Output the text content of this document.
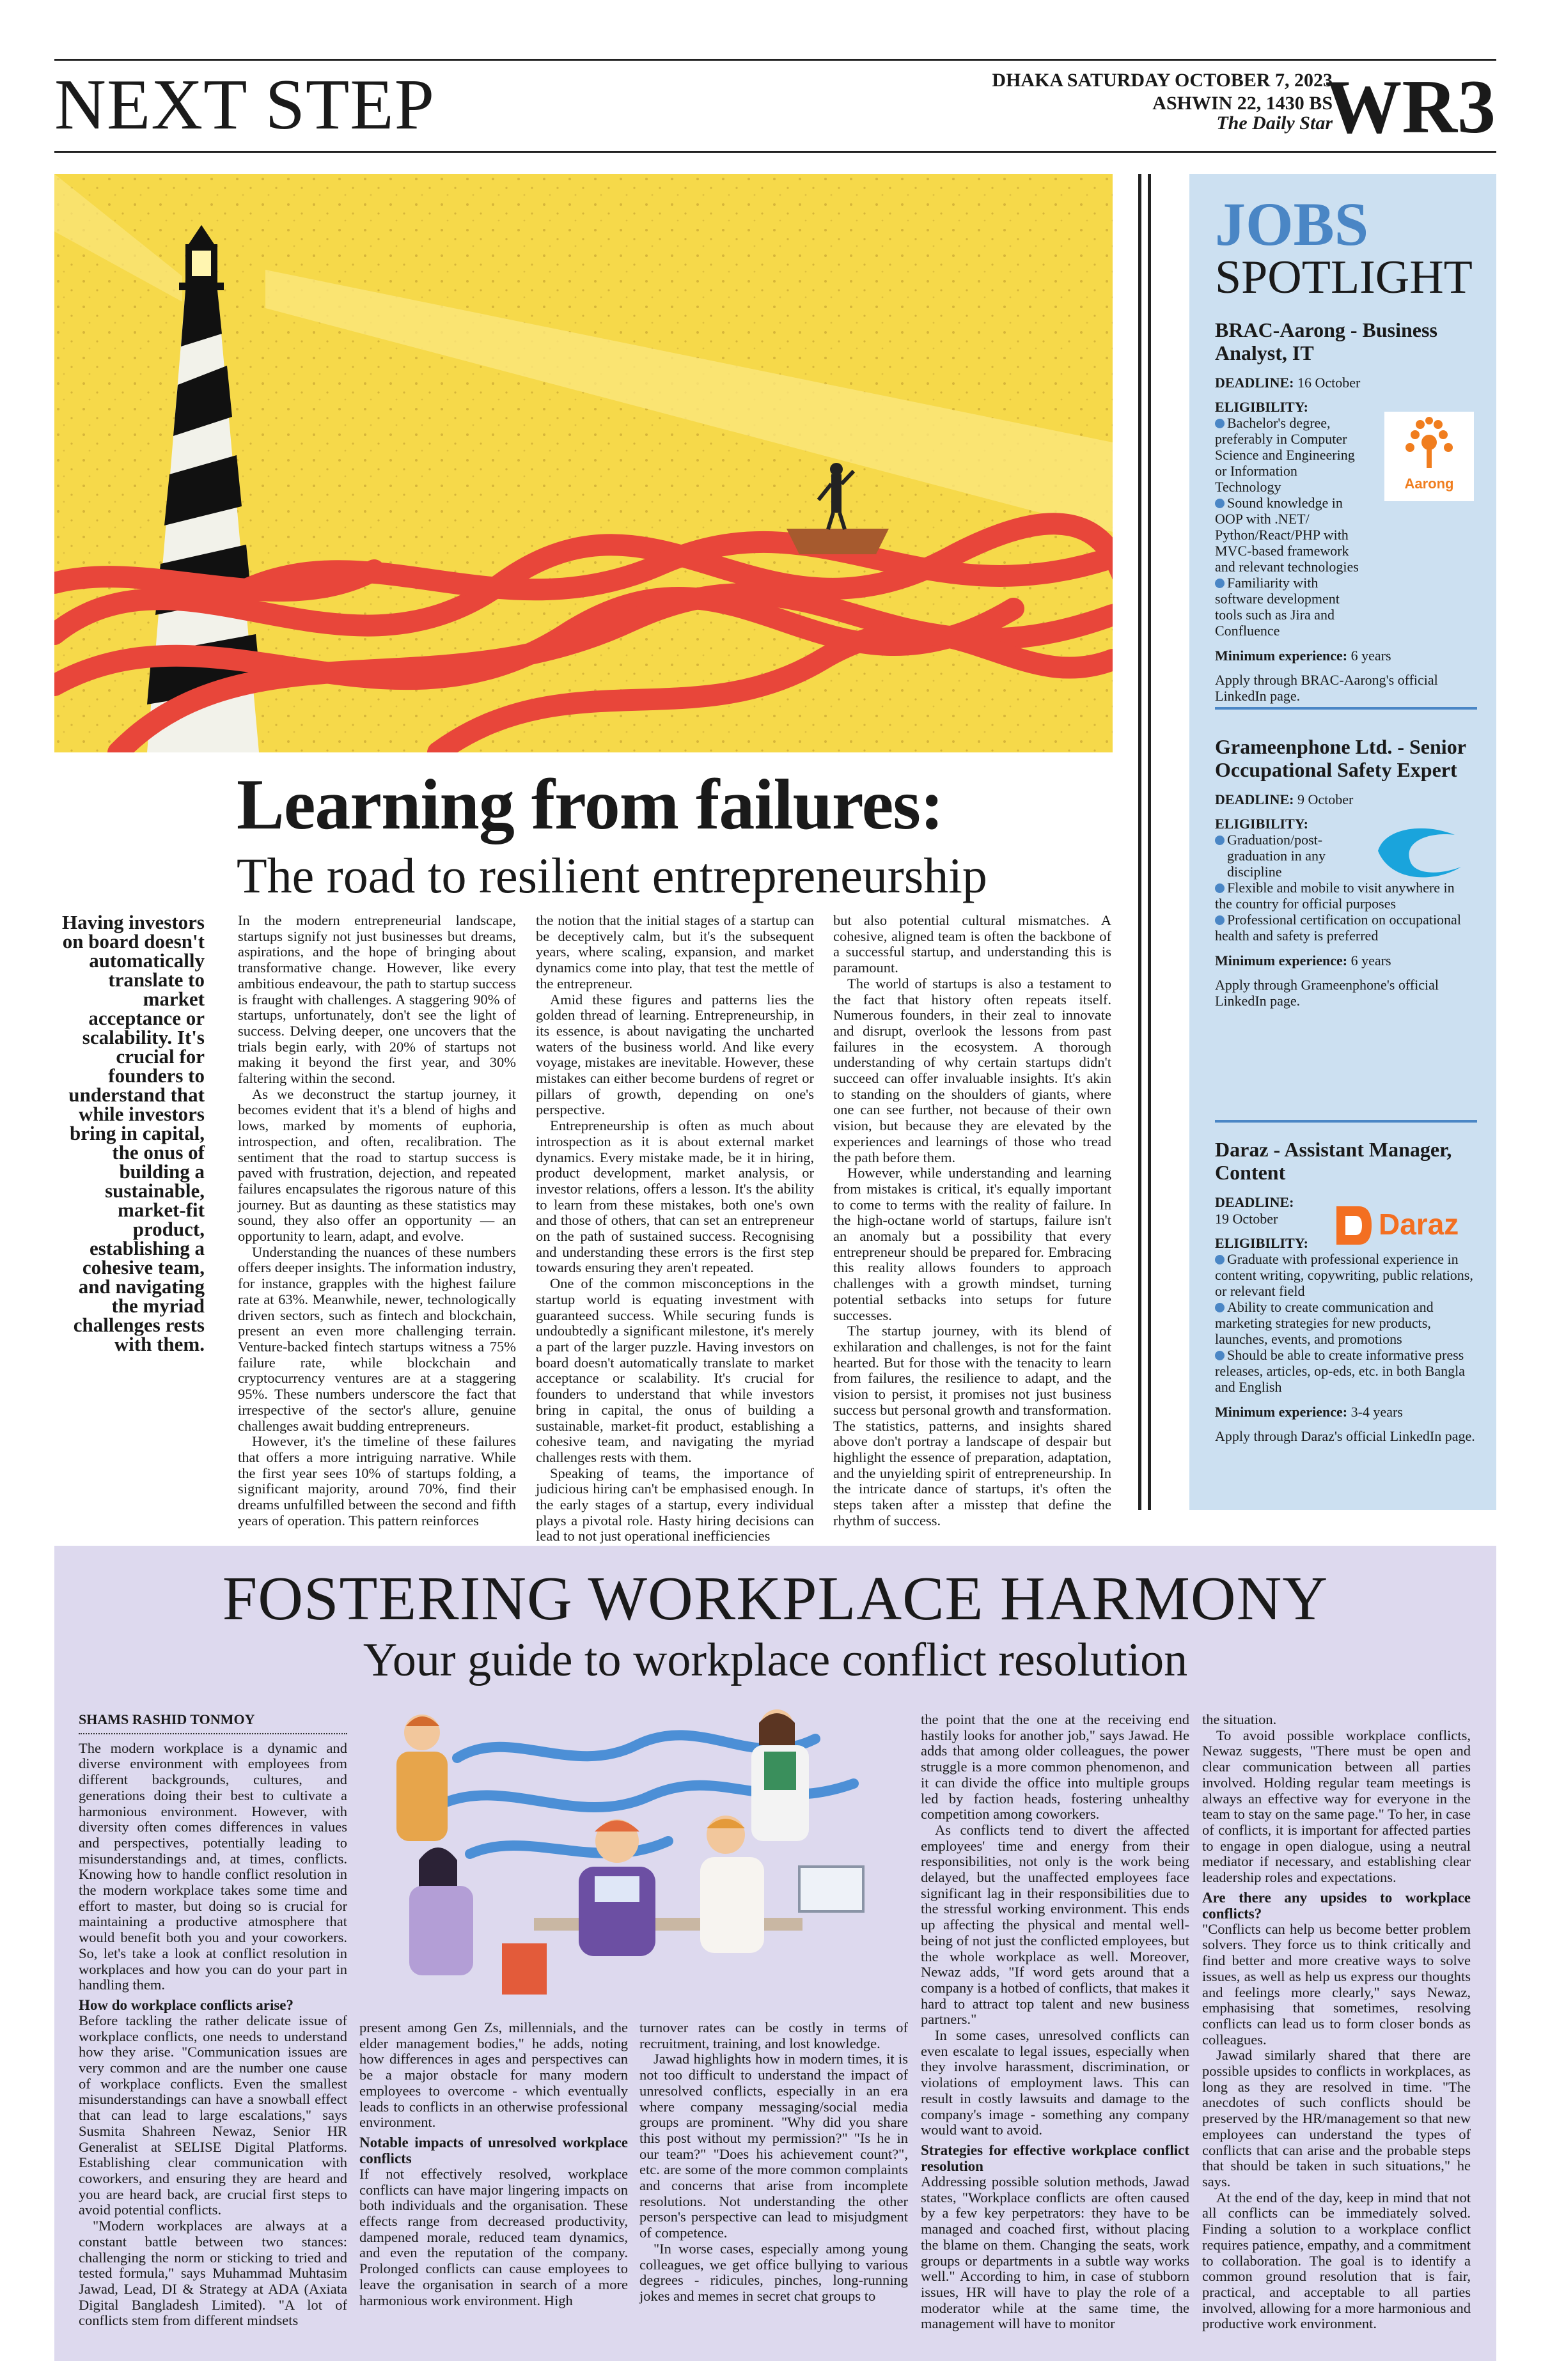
NEXT STEP	DHAKA SATURDAY OCTOBER 7, 2023
ASHWIN 22, 1430 BS
The Daily Star
WR3
Learning from failures:
The road to resilient entrepreneurship
Having investors on board doesn't automatically translate to market acceptance or scalability. It's crucial for founders to understand that while investors bring in capital, the onus of building a sustainable, market-fit product, establishing a cohesive team, and navigating the myriad challenges rests with them.

In the modern entrepreneurial landscape, startups signify not just businesses but dreams, aspirations, and the hope of bringing about transformative change. However, like every ambitious endeavour, the path to startup success is fraught with challenges. A staggering 90% of startups, unfortunately, don't see the light of success. Delving deeper, one uncovers that the trials begin early, with 20% of startups not making it beyond the first year, and 30% faltering within the second.

As we deconstruct the startup journey, it becomes evident that it's a blend of highs and lows, marked by moments of euphoria, introspection, and often, recalibration. The sentiment that the road to startup success is paved with frustration, dejection, and repeated failures encapsulates the rigorous nature of this journey. But as daunting as these statistics may sound, they also offer an opportunity — an opportunity to learn, adapt, and evolve.

Understanding the nuances of these numbers offers deeper insights. The information industry, for instance, grapples with the highest failure rate at 63%. Meanwhile, newer, technologically driven sectors, such as fintech and blockchain, present an even more challenging terrain. Venture-backed fintech startups witness a 75% failure rate, while blockchain and cryptocurrency ventures are at a staggering 95%. These numbers underscore the fact that irrespective of the sector's allure, genuine challenges await budding entrepreneurs.

However, it's the timeline of these failures that offers a more intriguing narrative. While the first year sees 10% of startups folding, a significant majority, around 70%, find their dreams unfulfilled between the second and fifth years of operation. This pattern reinforces

the notion that the initial stages of a startup can be deceptively calm, but it's the subsequent years, where scaling, expansion, and market dynamics come into play, that test the mettle of the entrepreneur.

Amid these figures and patterns lies the golden thread of learning. Entrepreneurship, in its essence, is about navigating the uncharted waters of the business world. And like every voyage, mistakes are inevitable. However, these mistakes can either become burdens of regret or pillars of growth, depending on one's perspective.

Entrepreneurship is often as much about introspection as it is about external market dynamics. Every mistake made, be it in hiring, product development, market analysis, or investor relations, offers a lesson. It's the ability to learn from these mistakes, both one's own and those of others, that can set an entrepreneur on the path of sustained success. Recognising and understanding these errors is the first step towards ensuring they aren't repeated.

One of the common misconceptions in the startup world is equating investment with guaranteed success. While securing funds is undoubtedly a significant milestone, it's merely a part of the larger puzzle. Having investors on board doesn't automatically translate to market acceptance or scalability. It's crucial for founders to understand that while investors bring in capital, the onus of building a sustainable, market-fit product, establishing a cohesive team, and navigating the myriad challenges rests with them.

Speaking of teams, the importance of judicious hiring can't be emphasised enough. In the early stages of a startup, every individual plays a pivotal role. Hasty hiring decisions can lead to not just operational inefficiencies

but also potential cultural mismatches. A cohesive, aligned team is often the backbone of a successful startup, and understanding this is paramount.

The world of startups is also a testament to the fact that history often repeats itself. Numerous founders, in their zeal to innovate and disrupt, overlook the lessons from past failures in the ecosystem. A thorough understanding of why certain startups didn't succeed can offer invaluable insights. It's akin to standing on the shoulders of giants, where one can see further, not because of their own vision, but because they are elevated by the experiences and learnings of those who tread the path before them.

However, while understanding and learning from mistakes is critical, it's equally important to come to terms with the reality of failure. In the high-octane world of startups, failure isn't an anomaly but a possibility that every entrepreneur should be prepared for. Embracing this reality allows founders to approach challenges with a growth mindset, turning potential setbacks into setups for future successes.

The startup journey, with its blend of exhilaration and challenges, is not for the faint hearted. But for those with the tenacity to learn from failures, the resilience to adapt, and the vision to persist, it promises not just business success but personal growth and transformation. The statistics, patterns, and insights shared above don't portray a landscape of despair but highlight the essence of preparation, adaptation, and the unyielding spirit of entrepreneurship. In the intricate dance of startups, it's often the steps taken after a misstep that define the rhythm of success.

JOBS
SPOTLIGHT
BRAC-Aarong - Business Analyst, IT
DEADLINE: 16 October
ELIGIBILITY:
Bachelor's degree, preferably in Computer Science and Engineering or Information Technology
Sound knowledge in OOP with .NET/ Python/React/PHP with MVC-based framework and relevant technologies
Familiarity with software development tools such as Jira and Confluence
Aarong
Minimum experience: 6 years
Apply through BRAC-Aarong's official LinkedIn page.
Grameenphone Ltd. - Senior Occupational Safety Expert
DEADLINE: 9 October
ELIGIBILITY:
Graduation/post-graduation in any discipline
Flexible and mobile to visit anywhere in the country for official purposes
Professional certification on occupational health and safety is preferred
Minimum experience: 6 years
Apply through Grameenphone's official LinkedIn page.
Daraz - Assistant Manager, Content
DEADLINE: 19 October	Daraz
ELIGIBILITY:
Graduate with professional experience in content writing, copywriting, public relations, or relevant field
Ability to create communication and marketing strategies for new products, launches, events, and promotions
Should be able to create informative press releases, articles, op-eds, etc. in both Bangla and English
Minimum experience: 3-4 years
Apply through Daraz's official LinkedIn page.
FOSTERING WORKPLACE HARMONY
Your guide to workplace conflict resolution
SHAMS RASHID TONMOY

The modern workplace is a dynamic and diverse environment with employees from different backgrounds, cultures, and generations doing their best to cultivate a harmonious environment. However, with diversity often comes differences in values and perspectives, potentially leading to misunderstandings and, at times, conflicts. Knowing how to handle conflict resolution in the modern workplace takes some time and effort to master, but doing so is crucial for maintaining a productive atmosphere that would benefit both you and your coworkers. So, let's take a look at conflict resolution in workplaces and how you can do your part in handling them.

How do workplace conflicts arise?

Before tackling the rather delicate issue of workplace conflicts, one needs to understand how they arise. "Communication issues are very common and are the number one cause of workplace conflicts. Even the smallest misunderstandings can have a snowball effect that can lead to large escalations," says Susmita Shahreen Newaz, Senior HR Generalist at SELISE Digital Platforms. Establishing clear communication with coworkers, and ensuring they are heard and you are heard back, are crucial first steps to avoid potential conflicts.

"Modern workplaces are always at a constant battle between two stances: challenging the norm or sticking to tried and tested formula," says Muhammad Muhtasim Jawad, Lead, DI & Strategy at ADA (Axiata Digital Bangladesh Limited). "A lot of conflicts stem from different mindsets

present among Gen Zs, millennials, and the elder management bodies," he adds, noting how differences in ages and perspectives can be a major obstacle for many modern employees to overcome - which eventually leads to conflicts in an otherwise professional environment.

Notable impacts of unresolved workplace conflicts

If not effectively resolved, workplace conflicts can have major lingering impacts on both individuals and the organisation. These effects range from decreased productivity, dampened morale, reduced team dynamics, and even the reputation of the company. Prolonged conflicts can cause employees to leave the organisation in search of a more harmonious work environment. High

turnover rates can be costly in terms of recruitment, training, and lost knowledge.

Jawad highlights how in modern times, it is not too difficult to understand the impact of unresolved conflicts, especially in an era where company messaging/social media groups are prominent. "Why did you share this post without my permission?" "Is he in our team?" "Does his achievement count?", etc. are some of the more common complaints and concerns that arise from incomplete resolutions. Not understanding the other person's perspective can lead to misjudgment of competence.

"In worse cases, especially among young colleagues, we get office bullying to various degrees - ridicules, pinches, long-running jokes and memes in secret chat groups to

the point that the one at the receiving end hastily looks for another job," says Jawad. He adds that among older colleagues, the power struggle is a more common phenomenon, and it can divide the office into multiple groups led by faction heads, fostering unhealthy competition among coworkers.

As conflicts tend to divert the affected employees' time and energy from their responsibilities, not only is the work being delayed, but the unaffected employees face significant lag in their responsibilities due to the stressful working environment. This ends up affecting the physical and mental well-being of not just the conflicted employees, but the whole workplace as well. Moreover, Newaz adds, "If word gets around that a company is a hotbed of conflicts, that makes it hard to attract top talent and new business partners."

In some cases, unresolved conflicts can even escalate to legal issues, especially when they involve harassment, discrimination, or violations of employment laws. This can result in costly lawsuits and damage to the company's image - something any company would want to avoid.

Strategies for effective workplace conflict resolution

Addressing possible solution methods, Jawad states, "Workplace conflicts are often caused by a few key perpetrators: they have to be managed and coached first, without placing the blame on them. Changing the seats, work groups or departments in a subtle way works well." According to him, in case of stubborn issues, HR will have to play the role of a moderator while at the same time, the management will have to monitor

the situation.

To avoid possible workplace conflicts, Newaz suggests, "There must be open and clear communication between all parties involved. Holding regular team meetings is always an effective way for everyone in the team to stay on the same page." To her, in case of conflicts, it is important for affected parties to engage in open dialogue, using a neutral mediator if necessary, and establishing clear leadership roles and expectations.

Are there any upsides to workplace conflicts?

"Conflicts can help us become better problem solvers. They force us to think critically and find better and more creative ways to solve issues, as well as help us express our thoughts and feelings more clearly," says Newaz, emphasising that sometimes, resolving conflicts can lead us to form closer bonds as colleagues.

Jawad similarly shared that there are possible upsides to conflicts in workplaces, as long as they are resolved in time. "The anecdotes of such conflicts should be preserved by the HR/management so that new employees can understand the types of conflicts that can arise and the probable steps that should be taken in such situations," he says.

At the end of the day, keep in mind that not all conflicts can be immediately solved. Finding a solution to a workplace conflict requires patience, empathy, and a commitment to collaboration. The goal is to identify a common ground resolution that is fair, practical, and acceptable to all parties involved, allowing for a more harmonious and productive work environment.
